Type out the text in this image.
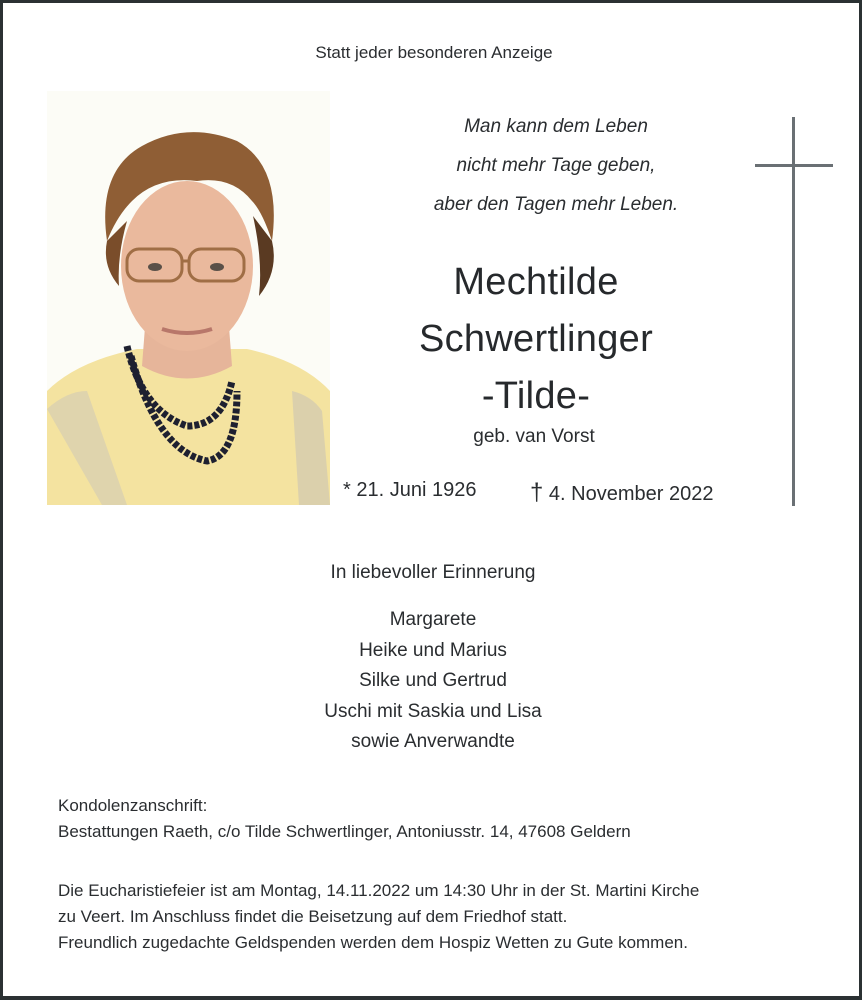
Statt jeder besonderen Anzeige
Man kann dem Leben
nicht mehr Tage geben,
aber den Tagen mehr Leben.
Mechtilde
Schwertlinger
-Tilde-
geb. van Vorst
* 21. Juni 1926 † 4. November 2022
In liebevoller Erinnerung
Margarete
Heike und Marius
Silke und Gertrud
Uschi mit Saskia und Lisa
sowie Anverwandte
Kondolenzanschrift:
Bestattungen Raeth, c/o Tilde Schwertlinger, Antoniusstr. 14, 47608 Geldern
Die Eucharistiefeier ist am Montag, 14.11.2022 um 14:30 Uhr in der St. Martini Kirche
zu Veert. Im Anschluss findet die Beisetzung auf dem Friedhof statt.
Freundlich zugedachte Geldspenden werden dem Hospiz Wetten zu Gute kommen.
